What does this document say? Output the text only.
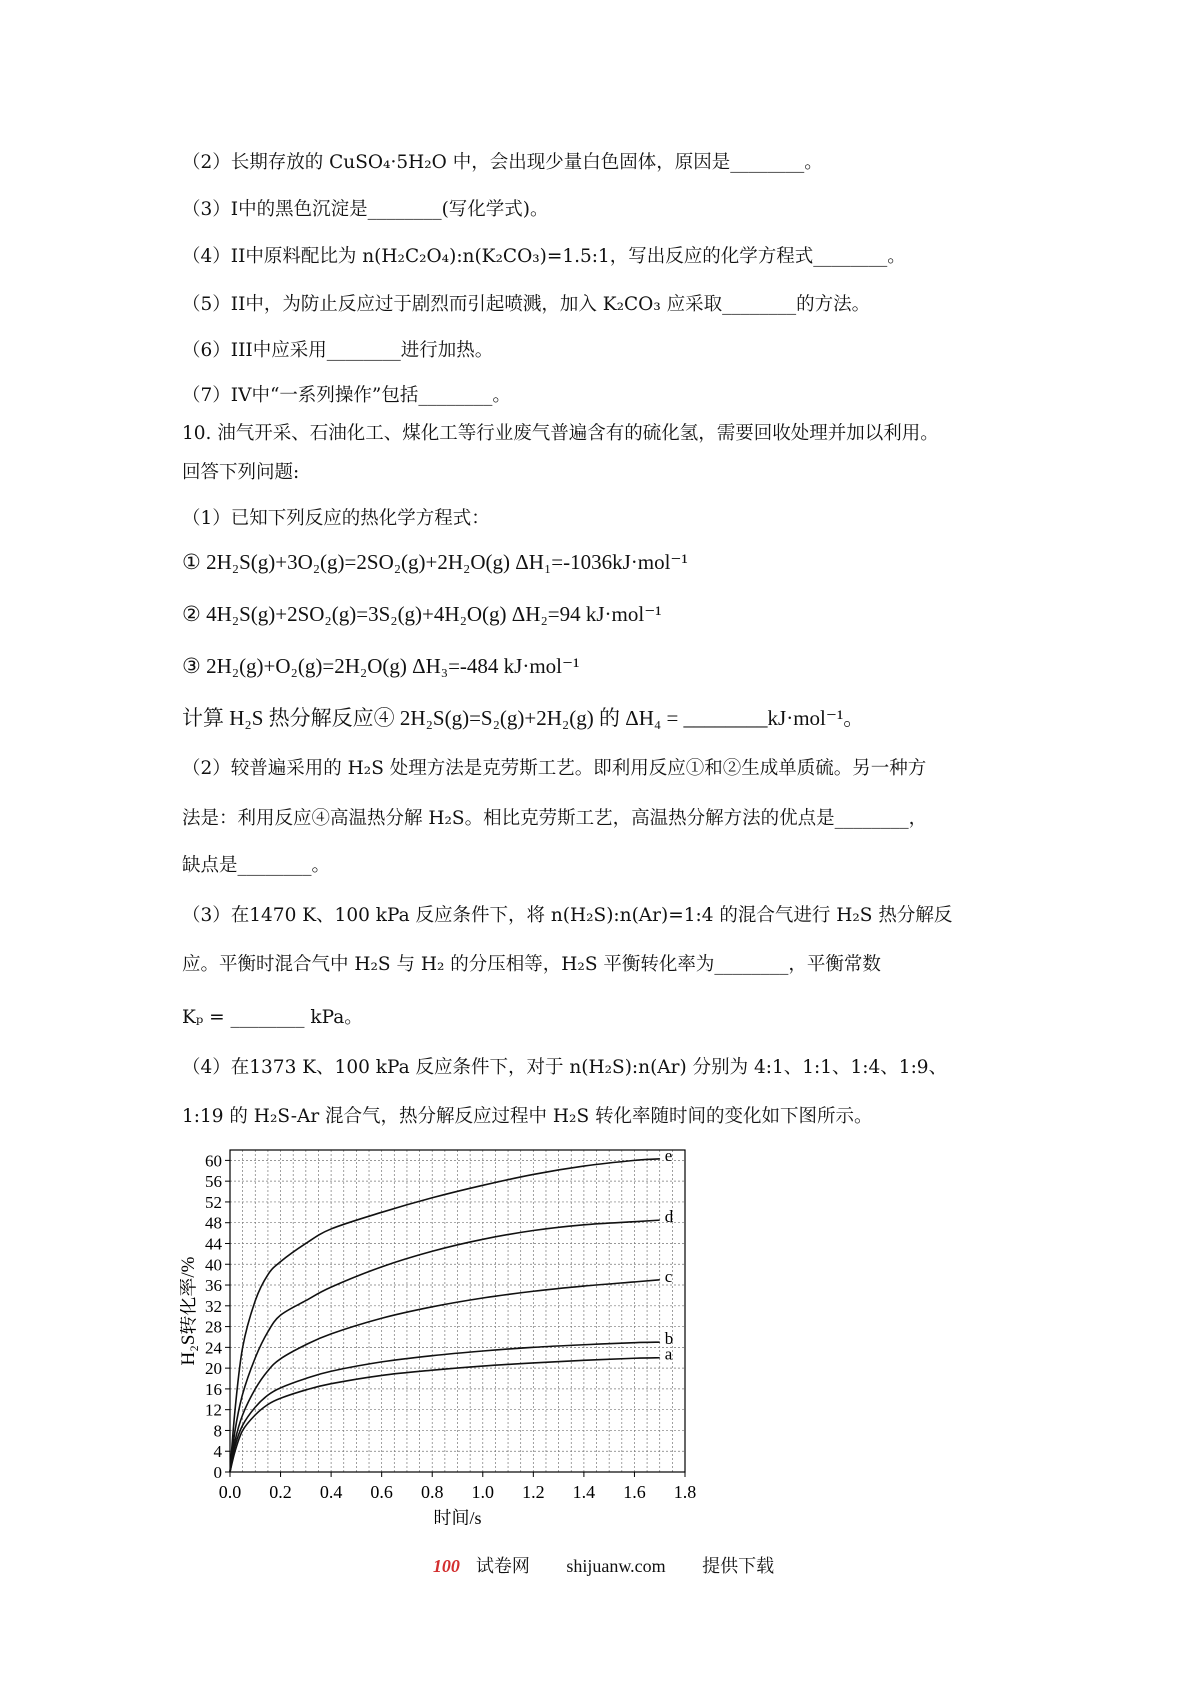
（2）长期存放的 CuSO₄·5H₂O 中，会出现少量白色固体，原因是________。
（3）I中的黑色沉淀是________(写化学式)。
（4）II中原料配比为 n(H₂C₂O₄):n(K₂CO₃)=1.5:1，写出反应的化学方程式________。
（5）II中，为防止反应过于剧烈而引起喷溅，加入 K₂CO₃ 应采取________的方法。
（6）III中应采用________进行加热。
（7）IV中“一系列操作”包括________。
10. 油气开采、石油化工、煤化工等行业废气普遍含有的硫化氢，需要回收处理并加以利用。
回答下列问题:
（1）已知下列反应的热化学方程式：
① 2H₂S(g)+3O₂(g)=2SO₂(g)+2H₂O(g) ΔH₁=-1036kJ·mol⁻¹
② 4H₂S(g)+2SO₂(g)=3S₂(g)+4H₂O(g) ΔH₂=94 kJ·mol⁻¹
③ 2H₂(g)+O₂(g)=2H₂O(g) ΔH₃=-484 kJ·mol⁻¹
计算 H₂S 热分解反应④ 2H₂S(g)=S₂(g)+2H₂(g) 的 ΔH₄ = ________kJ·mol⁻¹。
（2）较普遍采用的 H₂S 处理方法是克劳斯工艺。即利用反应①和②生成单质硫。另一种方
法是：利用反应④高温热分解 H₂S。相比克劳斯工艺，高温热分解方法的优点是________，
缺点是________。
（3）在1470 K、100 kPa 反应条件下，将 n(H₂S):n(Ar)=1:4 的混合气进行 H₂S 热分解反
应。平衡时混合气中 H₂S 与 H₂ 的分压相等，H₂S 平衡转化率为________，平衡常数
Kₚ = ________ kPa。
（4）在1373 K、100 kPa 反应条件下，对于 n(H₂S):n(Ar) 分别为 4:1、1:1、1:4、1:9、
1:19 的 H₂S-Ar 混合气，热分解反应过程中 H₂S 转化率随时间的变化如下图所示。
0
4
8
12
16
20
24
28
32
36
40
44
48
52
56
60
0.0 0.2 0.4 0.6 0.8 1.0 1.2 1.4 1.6 1.8
时间/s
H₂S转化率/%	a
b
c
d
e
100 试卷网 shijuanw.com 提供下载
